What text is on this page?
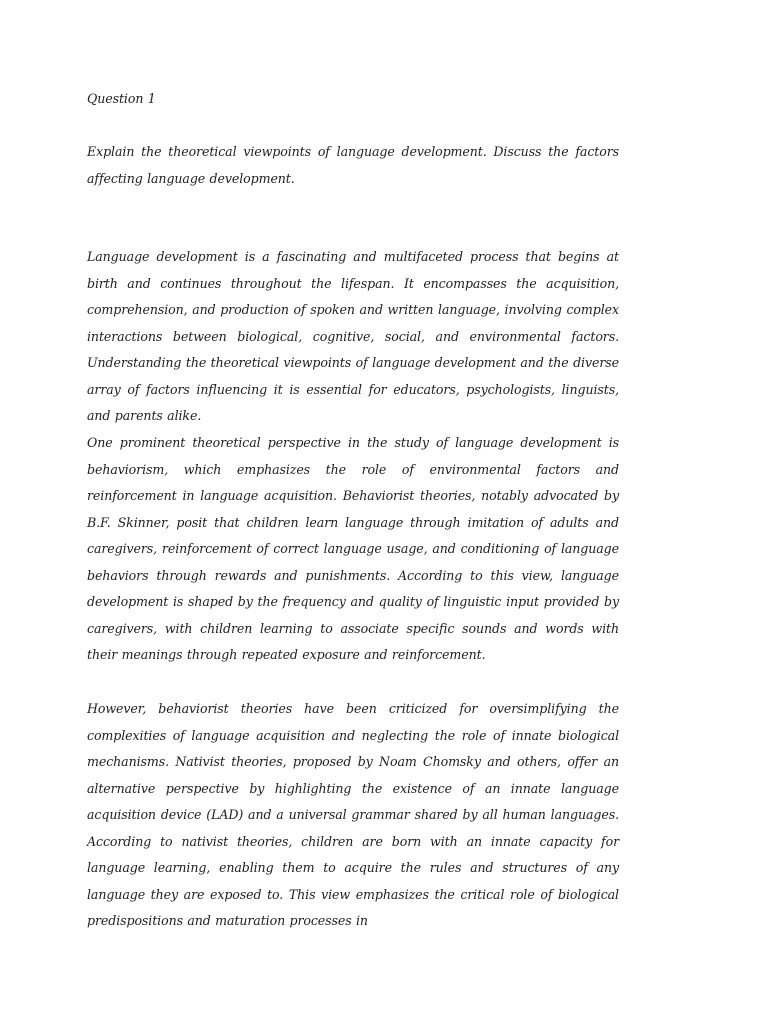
Question 1

Explain the theoretical viewpoints of language development. Discuss the factors affecting language development.

Language development is a fascinating and multifaceted process that begins at birth and continues throughout the lifespan. It encompasses the acquisition, comprehension, and production of spoken and written language, involving complex interactions between biological, cognitive, social, and environmental factors. Understanding the theoretical viewpoints of language development and the diverse array of factors influencing it is essential for educators, psychologists, linguists, and parents alike.

One prominent theoretical perspective in the study of language development is behaviorism, which emphasizes the role of environmental factors and reinforcement in language acquisition. Behaviorist theories, notably advocated by B.F. Skinner, posit that children learn language through imitation of adults and caregivers, reinforcement of correct language usage, and conditioning of language behaviors through rewards and punishments. According to this view, language development is shaped by the frequency and quality of linguistic input provided by caregivers, with children learning to associate specific sounds and words with their meanings through repeated exposure and reinforcement.

However, behaviorist theories have been criticized for oversimplifying the complexities of language acquisition and neglecting the role of innate biological mechanisms. Nativist theories, proposed by Noam Chomsky and others, offer an alternative perspective by highlighting the existence of an innate language acquisition device (LAD) and a universal grammar shared by all human languages. According to nativist theories, children are born with an innate capacity for language learning, enabling them to acquire the rules and structures of any language they are exposed to. This view emphasizes the critical role of biological predispositions and maturation processes in
